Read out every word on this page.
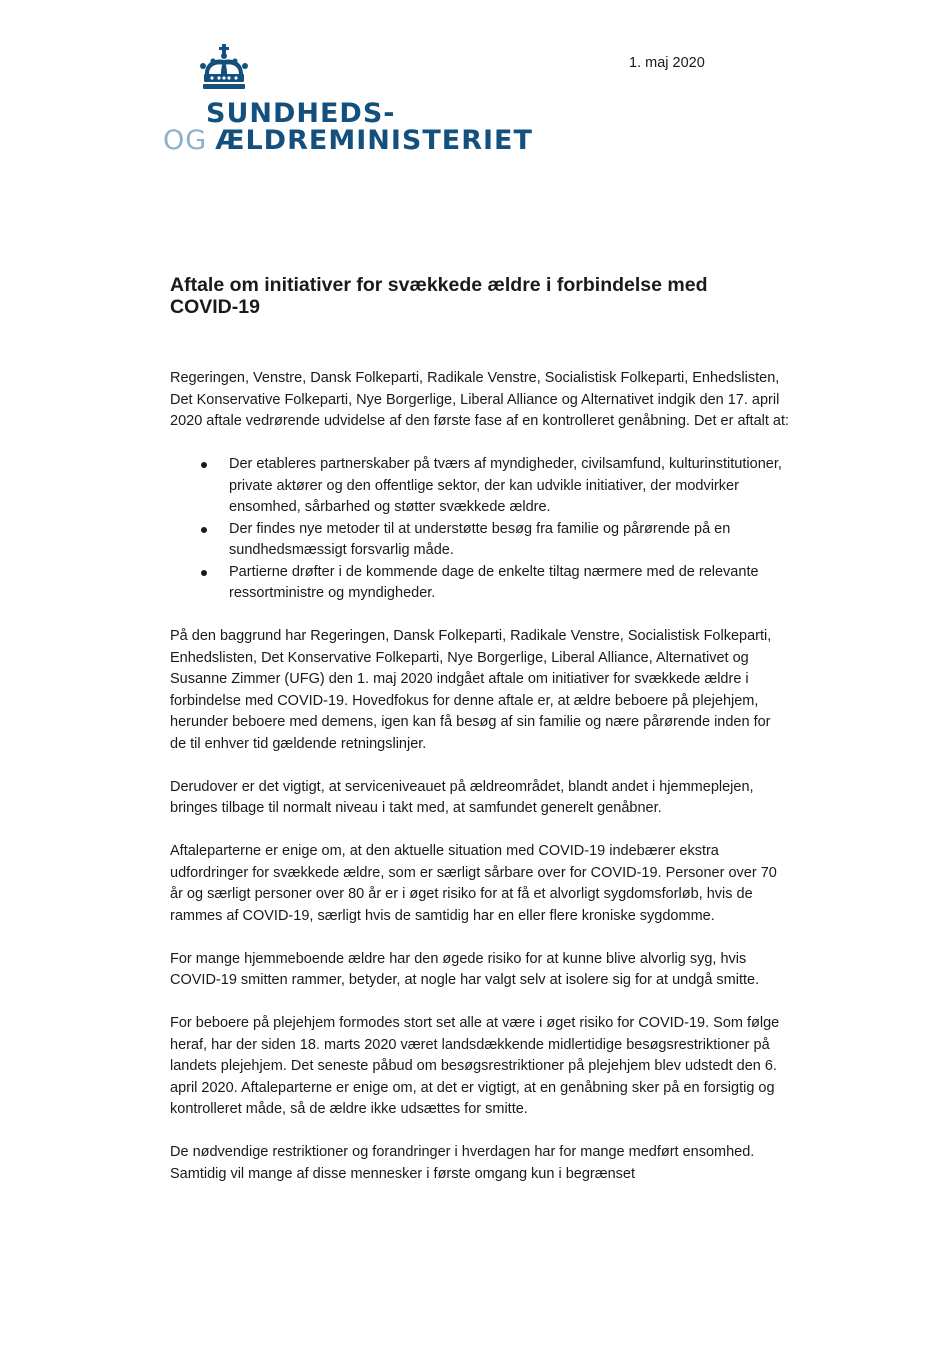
SUNDHEDS-
OG ÆLDREMINISTERIET
1. maj 2020
Aftale om initiativer for svækkede ældre i forbindelse med COVID-19

Regeringen, Venstre, Dansk Folkeparti, Radikale Venstre, Socialistisk Folkeparti, Enhedslisten, Det Konservative Folkeparti, Nye Borgerlige, Liberal Alliance og Alternativet indgik den 17. april 2020 aftale vedrørende udvidelse af den første fase af en kontrolleret genåbning. Det er aftalt at:

Der etableres partnerskaber på tværs af myndigheder, civilsamfund, kulturinstitutioner, private aktører og den offentlige sektor, der kan udvikle initiativer, der modvirker ensomhed, sårbarhed og støtter svækkede ældre.
Der findes nye metoder til at understøtte besøg fra familie og pårørende på en sundhedsmæssigt forsvarlig måde.
Partierne drøfter i de kommende dage de enkelte tiltag nærmere med de relevante ressortministre og myndigheder.

På den baggrund har Regeringen, Dansk Folkeparti, Radikale Venstre, Socialistisk Folkeparti, Enhedslisten, Det Konservative Folkeparti, Nye Borgerlige, Liberal Alliance, Alternativet og Susanne Zimmer (UFG) den 1. maj 2020 indgået aftale om initiativer for svækkede ældre i forbindelse med COVID-19. Hovedfokus for denne aftale er, at ældre beboere på plejehjem, herunder beboere med demens, igen kan få besøg af sin familie og nære pårørende inden for de til enhver tid gældende retningslinjer.

Derudover er det vigtigt, at serviceniveauet på ældreområdet, blandt andet i hjemmeplejen, bringes tilbage til normalt niveau i takt med, at samfundet generelt genåbner.

Aftaleparterne er enige om, at den aktuelle situation med COVID-19 indebærer ekstra udfordringer for svækkede ældre, som er særligt sårbare over for COVID-19. Personer over 70 år og særligt personer over 80 år er i øget risiko for at få et alvorligt sygdomsforløb, hvis de rammes af COVID-19, særligt hvis de samtidig har en eller flere kroniske sygdomme.

For mange hjemmeboende ældre har den øgede risiko for at kunne blive alvorlig syg, hvis COVID-19 smitten rammer, betyder, at nogle har valgt selv at isolere sig for at undgå smitte.

For beboere på plejehjem formodes stort set alle at være i øget risiko for COVID-19. Som følge heraf, har der siden 18. marts 2020 været landsdækkende midlertidige besøgsrestriktioner på landets plejehjem. Det seneste påbud om besøgsrestriktioner på plejehjem blev udstedt den 6. april 2020. Aftaleparterne er enige om, at det er vigtigt, at en genåbning sker på en forsigtig og kontrolleret måde, så de ældre ikke udsættes for smitte.

De nødvendige restriktioner og forandringer i hverdagen har for mange medført ensomhed. Samtidig vil mange af disse mennesker i første omgang kun i begrænset
